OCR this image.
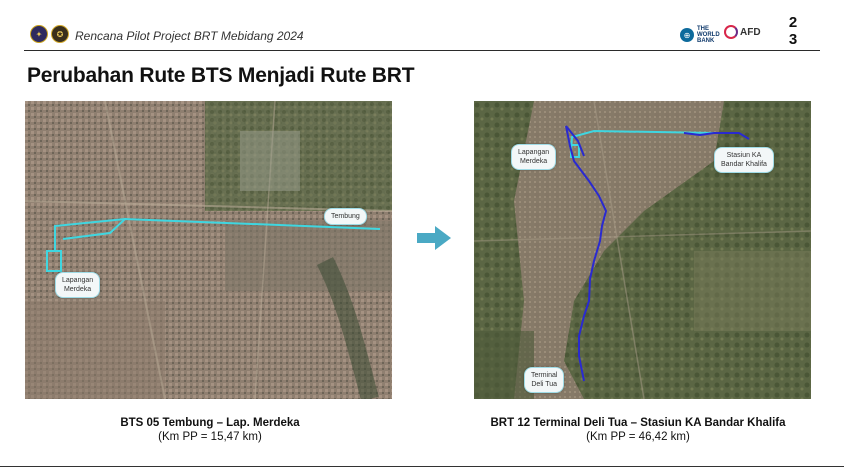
✦ ✪ Rencana Pilot Project BRT Mebidang 2024	⊕
THE
WORLD
BANK
AFD
2
3
Perubahan Rute BTS Menjadi Rute BRT
Tembung
Lapangan
Merdeka
Lapangan
Merdeka
Stasiun KA
Bandar Khalifa
Terminal
Deli Tua
BTS 05 Tembung – Lap. Merdeka
(Km PP = 15,47 km)
BRT 12 Terminal Deli Tua – Stasiun KA Bandar Khalifa
(Km PP = 46,42 km)
